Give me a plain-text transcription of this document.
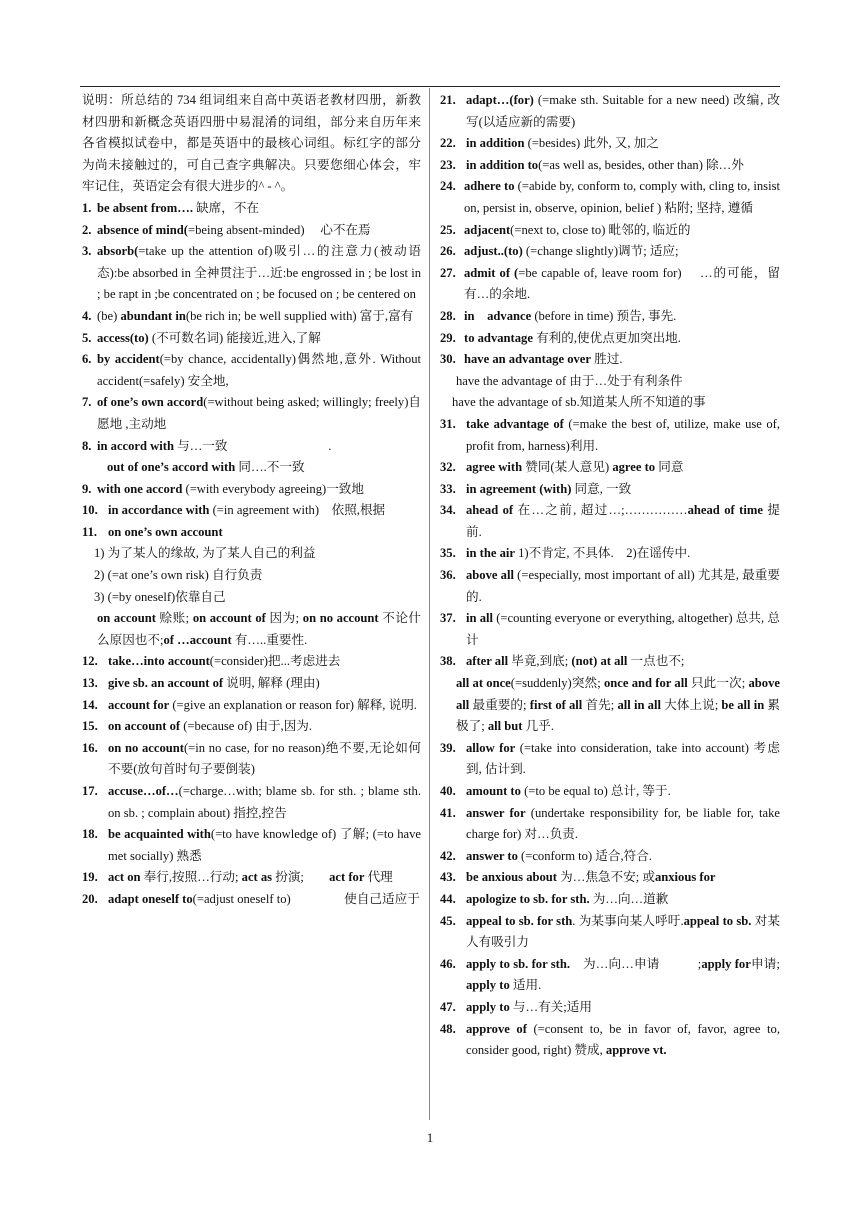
说明：所总结的 734 组词组来自高中英语老教材四册，新教材四册和新概念英语四册中易混淆的词组，部分来自历年来各省模拟试卷中，都是英语中的最核心词组。标红字的部分为尚未接触过的，可自己查字典解决。只要您细心体会，牢牢记住，英语定会有很大进步的^ - ^。

1. be absent from…. 缺席，不在
2. absence of mind(=being absent-minded)　 心不在焉
3. absorb(=take up the attention of)吸引…的注意力(被动语态):be absorbed in 全神贯注于…近:be engrossed in ; be lost in ; be rapt in ;be concentrated on ; be focused on ; be centered on
4. (be) abundant in(be rich in; be well supplied with) 富于,富有
5. access(to) (不可数名词) 能接近,进入,了解
6. by accident(=by chance, accidentally)偶然地,意外. Without accident(=safely) 安全地,
7. of one’s own accord(=without being asked; willingly; freely)自愿地 ,主动地
8. in accord with 与…一致　　　　　　　　.

out of one’s accord with 同….不一致

9. with one accord (=with everybody agreeing)一致地
10. in accordance with (=in agreement with)　依照,根据
11. on one’s own account

1) 为了某人的缘故, 为了某人自己的利益

2) (=at one’s own risk) 自行负责

3) (=by oneself)依靠自己

on account 赊账; on account of 因为; on no account 不论什么原因也不;of …account 有…..重要性.

12. take…into account(=consider)把...考虑进去
13. give sb. an account of 说明, 解释 (理由)
14. account for (=give an explanation or reason for) 解释, 说明.
15. on account of (=because of) 由于,因为.
16. on no account(=in no case, for no reason)绝不要,无论如何不要(放句首时句子要倒装)
17. accuse…of…(=charge…with; blame sb. for sth. ; blame sth. on sb. ; complain about) 指控,控告
18. be acquainted with(=to have knowledge of) 了解; (=to have met socially) 熟悉
19. act on 奉行,按照…行动; act as 扮演;　　act for 代理
20. adapt oneself to(=adjust oneself to)　　　　 使自己适应于
21. adapt…(for) (=make sth. Suitable for a new need) 改编, 改写(以适应新的需要)
22. in addition (=besides) 此外, 又, 加之
23. in addition to(=as well as, besides, other than) 除…外
24. adhere to (=abide by, conform to, comply with, cling to, insist on, persist in, observe, opinion, belief ) 粘附; 坚持, 遵循
25. adjacent(=next to, close to) 毗邻的, 临近的
26. adjust..(to) (=change slightly)调节; 适应;
27. admit of (=be capable of, leave room for)　 …的可能，留有…的余地.
28. in　advance (before in time) 预告, 事先.
29. to advantage 有利的,使优点更加突出地.
30. have an advantage over 胜过.

have the advantage of 由于…处于有利条件

have the advantage of sb.知道某人所不知道的事

31. take advantage of (=make the best of, utilize, make use of, profit from, harness)利用.
32. agree with 赞同(某人意见) agree to 同意
33. in agreement (with) 同意, 一致
34. ahead of 在…之前, 超过…;……………ahead of time 提前.
35. in the air 1)不肯定, 不具体.　2)在谣传中.
36. above all (=especially, most important of all) 尤其是, 最重要的.
37. in all (=counting everyone or everything, altogether) 总共, 总计
38. after all 毕竟,到底; (not) at all 一点也不;

all at once(=suddenly)突然; once and for all 只此一次; above all 最重要的; first of all 首先; all in all 大体上说; be all in 累极了; all but 几乎.

39. allow for (=take into consideration, take into account) 考虑到, 估计到.
40. amount to (=to be equal to) 总计, 等于.
41. answer for (undertake responsibility for, be liable for, take charge for) 对…负责.
42. answer to (=conform to) 适合,符合.
43. be anxious about 为…焦急不安; 或anxious for
44. apologize to sb. for sth. 为…向…道歉
45. appeal to sb. for sth. 为某事向某人呼吁.appeal to sb. 对某人有吸引力
46. apply to sb. for sth.　为…向…申请　　　;apply for申请;　apply to 适用.
47. apply to 与…有关;适用
48. approve of (=consent to, be in favor of, favor, agree to, consider good, right) 赞成, approve vt.
1
